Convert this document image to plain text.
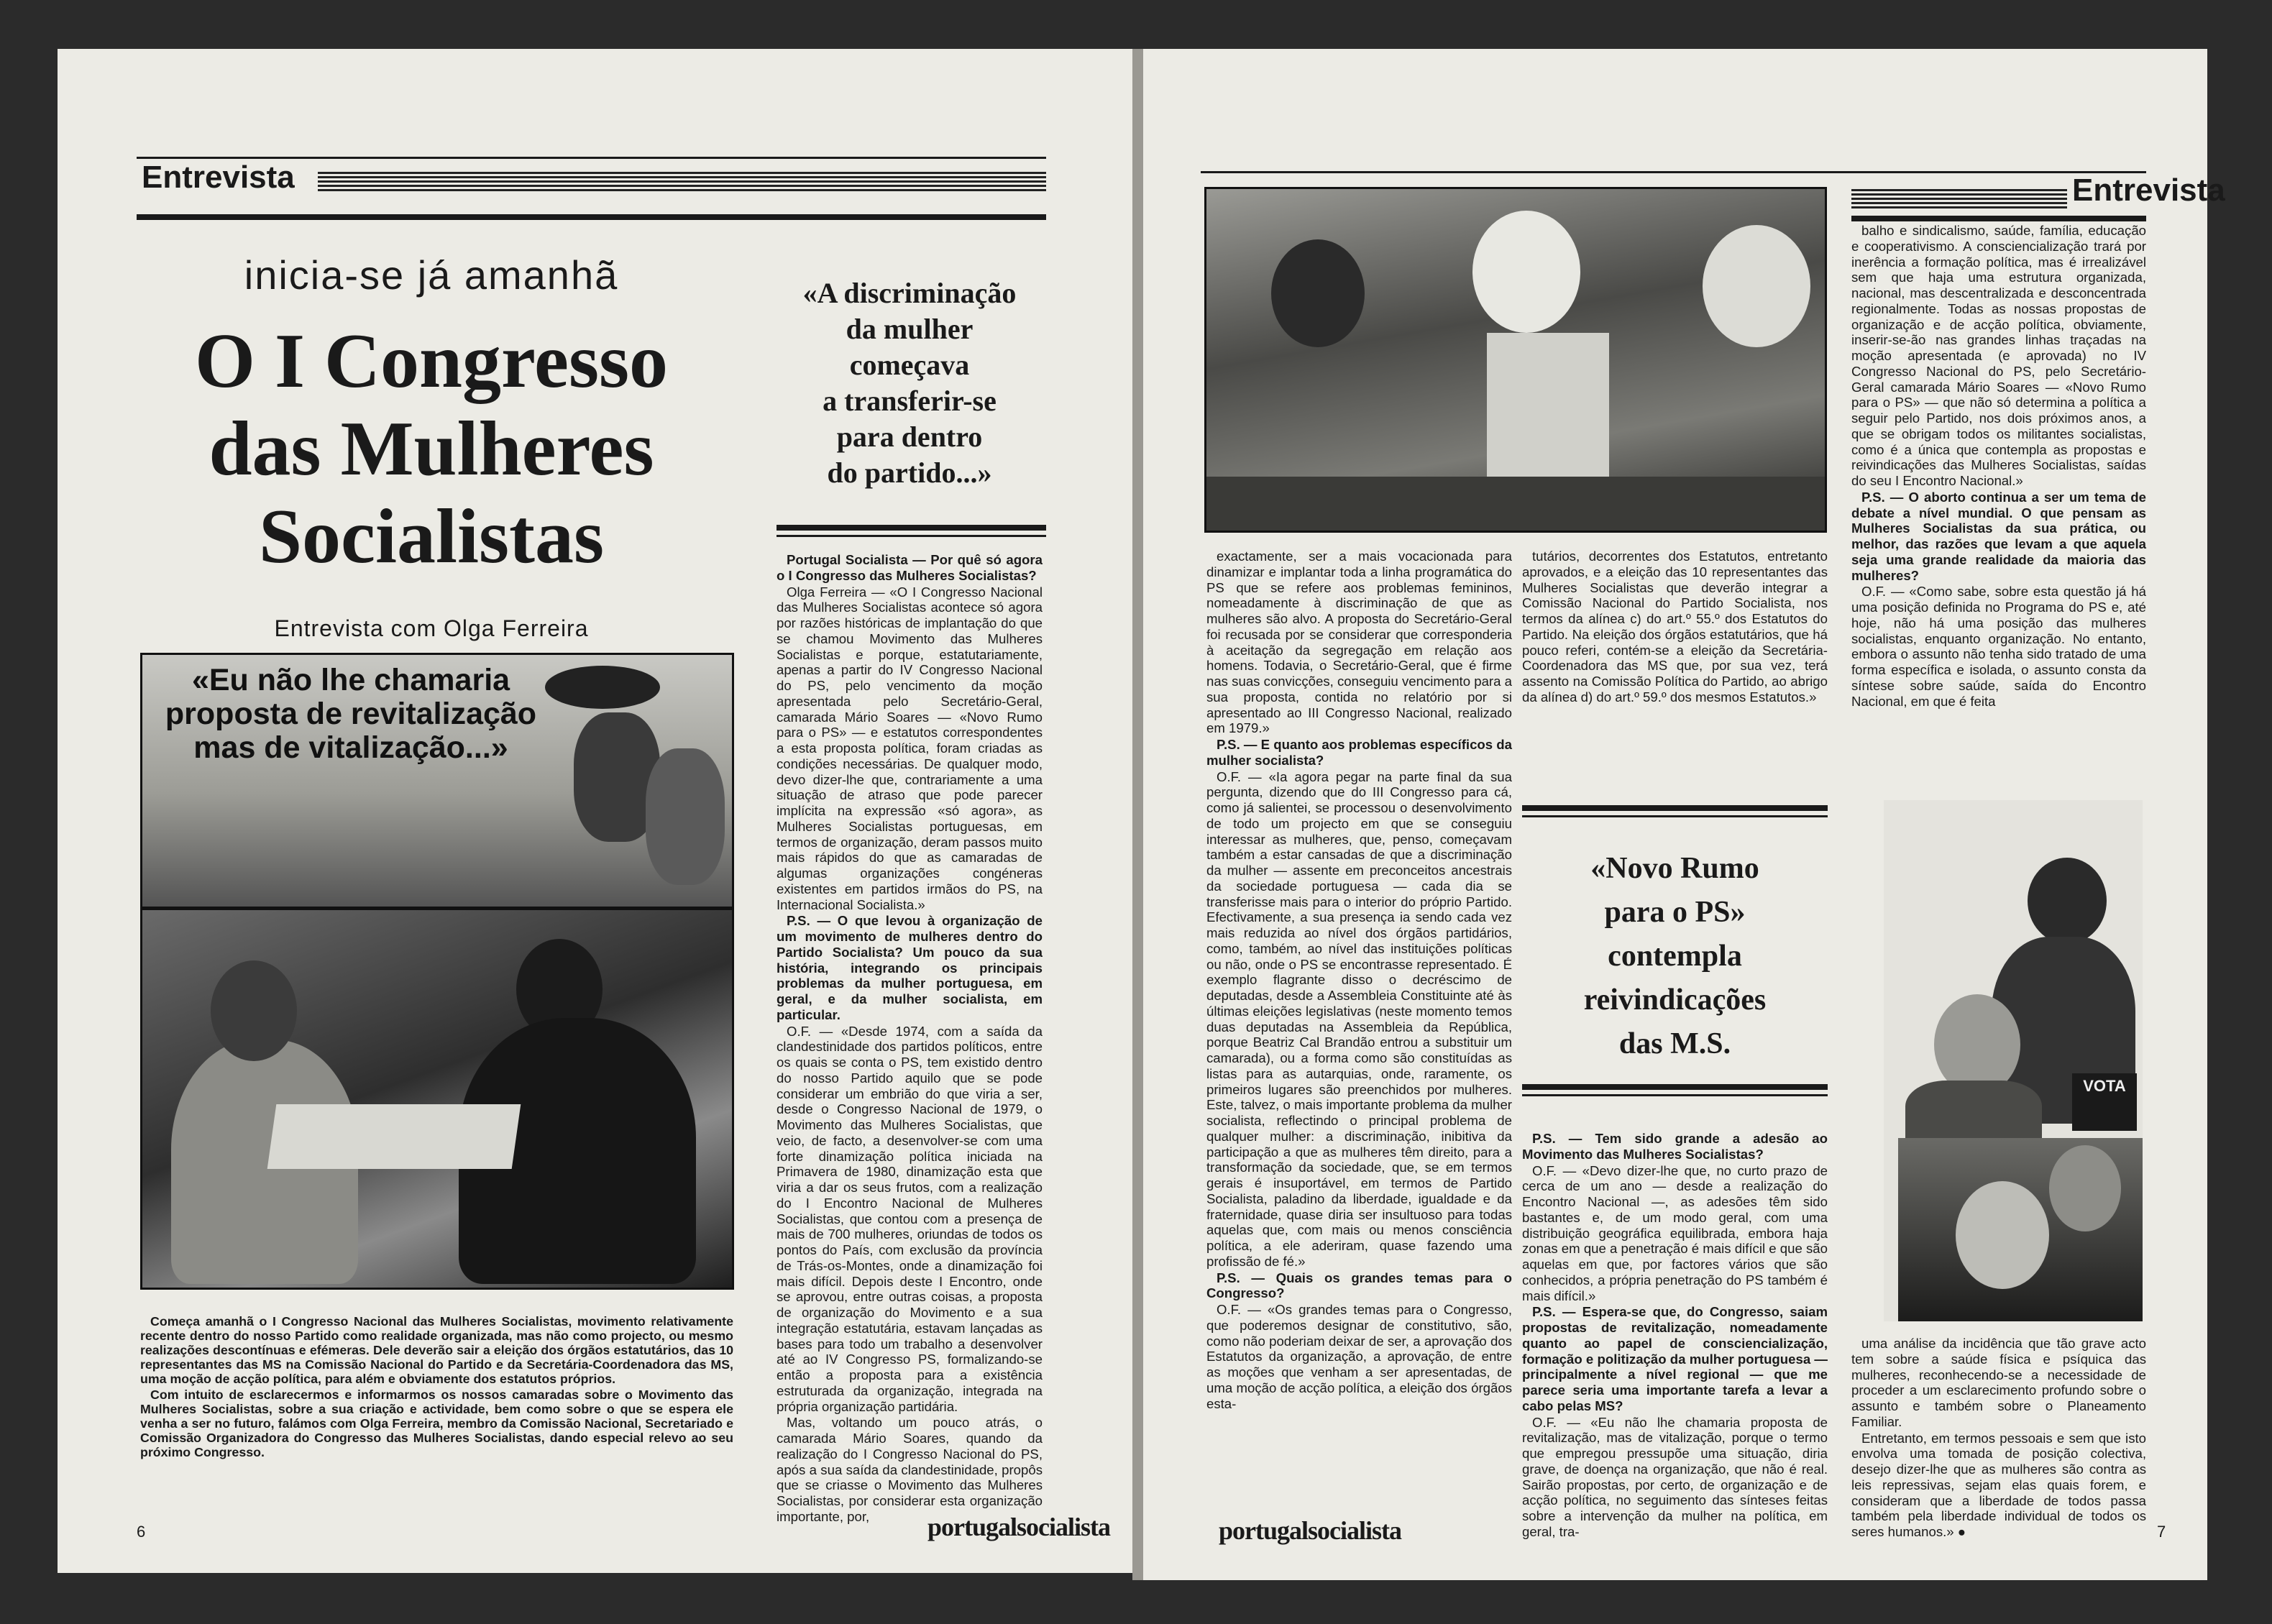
Entrevista
inicia-se já amanhã
O I Congresso
das Mulheres
Socialistas
Entrevista com Olga Ferreira
«Eu não lhe chamaria
proposta de revitalização
mas de vitalização...»
«A discriminação
da mulher
começava
a transferir-se
para dentro
do partido...»

Portugal Socialista — Por quê só agora o I Congresso das Mulheres Socialistas?

Olga Ferreira — «O I Congresso Nacional das Mulheres Socialistas acontece só agora por razões históricas de implantação do que se chamou Movimento das Mulheres Socialistas e porque, estatutariamente, apenas a partir do IV Congresso Nacional do PS, pelo vencimento da moção apresentada pelo Secretário-Geral, camarada Mário Soares — «Novo Rumo para o PS» — e estatutos correspondentes a esta proposta política, foram criadas as condições necessárias. De qualquer modo, devo dizer-lhe que, contrariamente a uma situação de atraso que pode parecer implícita na expressão «só agora», as Mulheres Socialistas portuguesas, em termos de organização, deram passos muito mais rápidos do que as camaradas de algumas organizações congéneras existentes em partidos irmãos do PS, na Internacional Socialista.»

P.S. — O que levou à organização de um movimento de mulheres dentro do Partido Socialista? Um pouco da sua história, integrando os principais problemas da mulher portuguesa, em geral, e da mulher socialista, em particular.

O.F. — «Desde 1974, com a saída da clandestinidade dos partidos políticos, entre os quais se conta o PS, tem existido dentro do nosso Partido aquilo que se pode considerar um embrião do que viria a ser, desde o Congresso Nacional de 1979, o Movimento das Mulheres Socialistas, que veio, de facto, a desenvolver-se com uma forte dinamização política iniciada na Primavera de 1980, dinamização esta que viria a dar os seus frutos, com a realização do I Encontro Nacional de Mulheres Socialistas, que contou com a presença de mais de 700 mulheres, oriundas de todos os pontos do País, com exclusão da província de Trás-os-Montes, onde a dinamização foi mais difícil. Depois deste I Encontro, onde se aprovou, entre outras coisas, a proposta de organização do Movimento e a sua integração estatutária, estavam lançadas as bases para todo um trabalho a desenvolver até ao IV Congresso PS, formalizando-se então a proposta para a existência estruturada da organização, integrada na própria organização partidária.

Mas, voltando um pouco atrás, o camarada Mário Soares, quando da realização do I Congresso Nacional do PS, após a sua saída da clandestinidade, propôs que se criasse o Movimento das Mulheres Socialistas, por considerar esta organização importante, por,

Começa amanhã o I Congresso Nacional das Mulheres Socialistas, movimento relativamente recente dentro do nosso Partido como realidade organizada, mas não como projecto, ou mesmo realizações descontínuas e efémeras. Dele deverão sair a eleição dos órgãos estatutários, das 10 representantes das MS na Comissão Nacional do Partido e da Secretária-Coordenadora das MS, uma moção de acção política, para além e obviamente dos estatutos próprios.

Com intuito de esclarecermos e informarmos os nossos camaradas sobre o Movimento das Mulheres Socialistas, sobre a sua criação e actividade, bem como sobre o que se espera ele venha a ser no futuro, falámos com Olga Ferreira, membro da Comissão Nacional, Secretariado e Comissão Organizadora do Congresso das Mulheres Socialistas, dando especial relevo ao seu próximo Congresso.

6	portugalsocialista
Entrevista

exactamente, ser a mais vocacionada para dinamizar e implantar toda a linha programática do PS que se refere aos problemas femininos, nomeadamente à discriminação de que as mulheres são alvo. A proposta do Secretário-Geral foi recusada por se considerar que corresponderia à aceitação da segregação em relação aos homens. Todavia, o Secretário-Geral, que é firme nas suas convicções, conseguiu vencimento para a sua proposta, contida no relatório por si apresentado ao III Congresso Nacional, realizado em 1979.»

P.S. — E quanto aos problemas específicos da mulher socialista?

O.F. — «Ia agora pegar na parte final da sua pergunta, dizendo que do III Congresso para cá, como já salientei, se processou o desenvolvimento de todo um projecto em que se conseguiu interessar as mulheres, que, penso, começavam também a estar cansadas de que a discriminação da mulher — assente em preconceitos ancestrais da sociedade portuguesa — cada dia se transferisse mais para o interior do próprio Partido. Efectivamente, a sua presença ia sendo cada vez mais reduzida ao nível dos órgãos partidários, como, também, ao nível das instituições políticas ou não, onde o PS se encontrasse representado. É exemplo flagrante disso o decréscimo de deputadas, desde a Assembleia Constituinte até às últimas eleições legislativas (neste momento temos duas deputadas na Assembleia da República, porque Beatriz Cal Brandão entrou a substituir um camarada), ou a forma como são constituídas as listas para as autarquias, onde, raramente, os primeiros lugares são preenchidos por mulheres. Este, talvez, o mais importante problema da mulher socialista, reflectindo o principal problema de qualquer mulher: a discriminação, inibitiva da participação a que as mulheres têm direito, para a transformação da sociedade, que, se em termos gerais é insuportável, em termos de Partido Socialista, paladino da liberdade, igualdade e da fraternidade, quase diria ser insultuoso para todas aquelas que, com mais ou menos consciência política, a ele aderiram, quase fazendo uma profissão de fé.»

P.S. — Quais os grandes temas para o Congresso?

O.F. — «Os grandes temas para o Congresso, que poderemos designar de constitutivo, são, como não poderiam deixar de ser, a aprovação dos Estatutos da organização, a aprovação, de entre as moções que venham a ser apresentadas, de uma moção de acção política, a eleição dos órgãos esta-

tutários, decorrentes dos Estatutos, entretanto aprovados, e a eleição das 10 representantes das Mulheres Socialistas que deverão integrar a Comissão Nacional do Partido Socialista, nos termos da alínea c) do art.º 55.º dos Estatutos do Partido. Na eleição dos órgãos estatutários, que há pouco referi, contém-se a eleição da Secretária-Coordenadora das MS que, por sua vez, terá assento na Comissão Política do Partido, ao abrigo da alínea d) do art.º 59.º dos mesmos Estatutos.»

«Novo Rumo
para o PS»
contempla
reivindicações
das M.S.

P.S. — Tem sido grande a adesão ao Movimento das Mulheres Socialistas?

O.F. — «Devo dizer-lhe que, no curto prazo de cerca de um ano — desde a realização do Encontro Nacional —, as adesões têm sido bastantes e, de um modo geral, com uma distribuição geográfica equilibrada, embora haja zonas em que a penetração é mais difícil e que são aquelas em que, por factores vários que são conhecidos, a própria penetração do PS também é mais difícil.»

P.S. — Espera-se que, do Congresso, saiam propostas de revitalização, nomeadamente quanto ao papel de consciencialização, formação e politização da mulher portuguesa — principalmente a nível regional — que me parece seria uma importante tarefa a levar a cabo pelas MS?

O.F. — «Eu não lhe chamaria proposta de revitalização, mas de vitalização, porque o termo que empregou pressupõe uma situação, diria grave, de doença na organização, que não é real. Sairão propostas, por certo, de organização e de acção política, no seguimento das sínteses feitas sobre a intervenção da mulher na política, em geral, tra-

balho e sindicalismo, saúde, família, educação e cooperativismo. A consciencialização trará por inerência a formação política, mas é irrealizável sem que haja uma estrutura organizada, nacional, mas descentralizada e desconcentrada regionalmente. Todas as nossas propostas de organização e de acção política, obviamente, inserir-se-ão nas grandes linhas traçadas na moção apresentada (e aprovada) no IV Congresso Nacional do PS, pelo Secretário-Geral camarada Mário Soares — «Novo Rumo para o PS» — que não só determina a política a seguir pelo Partido, nos dois próximos anos, a que se obrigam todos os militantes socialistas, como é a única que contempla as propostas e reivindicações das Mulheres Socialistas, saídas do seu I Encontro Nacional.»

P.S. — O aborto continua a ser um tema de debate a nível mundial. O que pensam as Mulheres Socialistas da sua prática, ou melhor, das razões que levam a que aquela seja uma grande realidade da maioria das mulheres?

O.F. — «Como sabe, sobre esta questão já há uma posição definida no Programa do PS e, até hoje, não há uma posição das mulheres socialistas, enquanto organização. No entanto, embora o assunto não tenha sido tratado de uma forma específica e isolada, o assunto consta da síntese sobre saúde, saída do Encontro Nacional, em que é feita

VOTA

uma análise da incidência que tão grave acto tem sobre a saúde física e psíquica das mulheres, reconhecendo-se a necessidade de proceder a um esclarecimento profundo sobre o assunto e também sobre o Planeamento Familiar.

Entretanto, em termos pessoais e sem que isto envolva uma tomada de posição colectiva, desejo dizer-lhe que as mulheres são contra as leis repressivas, sejam elas quais forem, e consideram que a liberdade de todos passa também pela liberdade individual de todos os seres humanos.» ●

portugalsocialista	7
